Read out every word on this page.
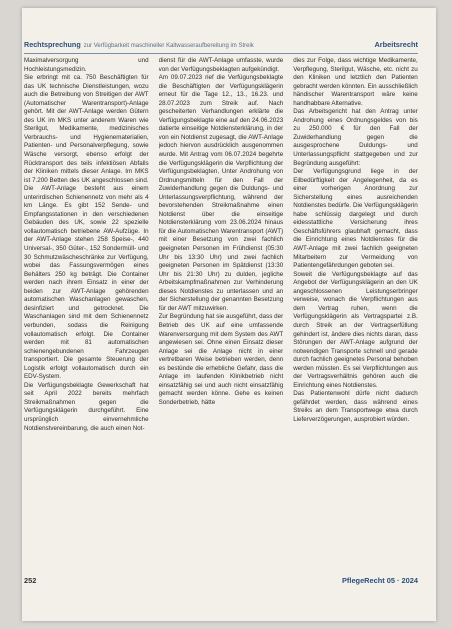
Rechtsprechung zur Verfügbarkeit maschineller Kaltwasseraufbereitung im Streik	Arbeitsrecht

Maximalversorgung und Hochleistungsmedizin.

Sie erbringt mit ca. 750 Beschäftigten für das UK technische Dienstleistungen, wozu auch die Betreibung von Streitigen der AWT (Automatischer Warentransport)-Anlage gehört. Mit der AWT-Anlage werden Gütern des UK im MKS unter anderem Waren wie Sterilgut, Medikamente, medizinisches Verbrauchs- und Hygienematerialien, Patienten- und Personalverpflegung, sowie Wäsche versorgt, ebenso erfolgt der Rücktransport des teils infektiösen Abfalls der Kliniken mittels dieser Anlage. Im MKS ist 7.200 Betten des UK angeschlossen sind. Die AWT-Anlage besteht aus einem unterirdischen Schienennetz von mehr als 4 km Länge. Es gibt 152 Sende- und Empfangsstationen in den verschiedenen Gebäuden des UK, sowie 22 spezielle vollautomatisch betriebene AW-Aufzüge. In der AWT-Anlage stehen 258 Speise-, 440 Universal-, 350 Güter-, 152 Sondermüll- und 30 Schmutzwäscheschränke zur Verfügung, wobei das Fassungsvermögen eines Behälters 250 kg beträgt. Die Container werden nach ihrem Einsatz in einer der beiden zur AWT-Anlage gehörenden automatischen Waschanlagen gewaschen, desinfiziert und getrocknet. Die Waschanlagen sind mit dem Schienennetz verbunden, sodass die Reinigung vollautomatisch erfolgt. Die Container werden mit 81 automatischen schienengebundenen Fahrzeugen transportiert. Die gesamte Steuerung der Logistik erfolgt vollautomatisch durch ein EDV-System.

Die Verfügungsbeklagte Gewerkschaft hat seit April 2022 bereits mehrfach Streikmaßnahmen gegen die Verfügungsklägerin durchgeführt. Eine ursprünglich einvernehmliche Notdienstvereinbarung, die auch einen Not-

dienst für die AWT-Anlage umfasste, wurde von der Verfügungsbeklagten aufgekündigt.

Am 09.07.2023 rief die Verfügungsbeklagte die Beschäftigten der Verfügungsklägerin erneut für die Tage 12., 13., 16.23. und 28.07.2023 zum Streik auf. Nach gescheiterten Verhandlungen erklärte die Verfügungsbeklagte eine auf den 24.06.2023 datierte einseitige Notdiensterklärung, in der von ein Notdienst zugesagt, die AWT-Anlage jedoch hiervon ausdrücklich ausgenommen wurde. Mit Antrag vom 06.07.2024 begehrte die Verfügungsklägerin die Verpflichtung der Verfügungsbeklagten, Unter Androhung von Ordnungsmitteln für den Fall der Zuwiderhandlung gegen die Duldungs- und Unterlassungsverpflichtung, während der bevorstehenden Streikmaßnahme einen Notdienst über die einseitige Notdiensterklärung vom 23.06.2024 hinaus für die Automatischen Warentransport (AWT) mit einer Besetzung von zwei fachlich geeigneten Personen im Frühdienst (05:30 Uhr bis 13:30 Uhr) und zwei fachlich geeigneten Personen im Spätdienst (13:30 Uhr bis 21:30 Uhr) zu dulden, jegliche Arbeitskampfmaßnahmen zur Verhinderung dieses Notdienstes zu unterlassen und an der Sicherstellung der genannten Besetzung für der AWT mitzuwirken.

Zur Begründung hat sie ausgeführt, dass der Betrieb des UK auf eine umfassende Warenversorgung mit dem System des AWT angewiesen sei. Ohne einen Einsatz dieser Anlage sei die Anlage nicht in einer vertretbaren Weise betrieben werden, denn es bestünde die erhebliche Gefahr, dass die Anlage im laufenden Klinikbetrieb nicht einsatzfähig sei und auch nicht einsatzfähig gemacht werden könne. Gehe es keinen Sonderbetrieb, hätte

dies zur Folge, dass wichtige Medikamente, Verpflegung, Sterilgut, Wäsche, etc. nicht zu den Kliniken und letztlich den Patienten gebracht werden könnten. Ein ausschließlich händischer Warentransport wäre keine handhabbare Alternative.

Das Arbeitsgericht hat den Antrag unter Androhung eines Ordnungsgeldes von bis zu 250.000 € für den Fall der Zuwiderhandlung gegen die ausgesprochene Duldungs- und Unterlassungspflicht stattgegeben und zur Begründung ausgeführt:

Der Verfügungsgrund liege in der Eilbedürftigkeit der Angelegenheit, da es einer vorherigen Anordnung zur Sicherstellung eines ausreichenden Notdienstes bedürfe. Die Verfügungsklägerin habe schlüssig dargelegt und durch eidesstattliche Versicherung ihres Geschäftsführers glaubhaft gemacht, dass die Einrichtung eines Notdienstes für die AWT-Anlage mit zwei fachlich geeigneten Mitarbeitern zur Vermeidung von Patientengefährdungen geboten sei.

Soweit die Verfügungsbeklagte auf das Angebot der Verfügungsklägerin an den UK angeschlossenen Leistungserbringer verweise, wonach die Verpflichtungen aus dem Vertrag ruhen, wenn die Verfügungsklägerin als Vertragspartei z.B. durch Streik an der Vertragserfüllung gehindert ist, ändere dies nichts daran, dass Störungen der AWT-Anlage aufgrund der notwendigen Transporte schnell und gerade durch fachlich geeignetes Personal behoben werden müssten. Es sei Verpflichtungen aus der Vertragsverhältnis gehören auch die Einrichtung eines Notdienstes.

Das Patientenwohl dürfe nicht dadurch gefährdet werden, dass während eines Streiks an dem Transportwege etwa durch Lieferverzögerungen, ausprobiert würden.

252	PflegeRecht 05 · 2024
